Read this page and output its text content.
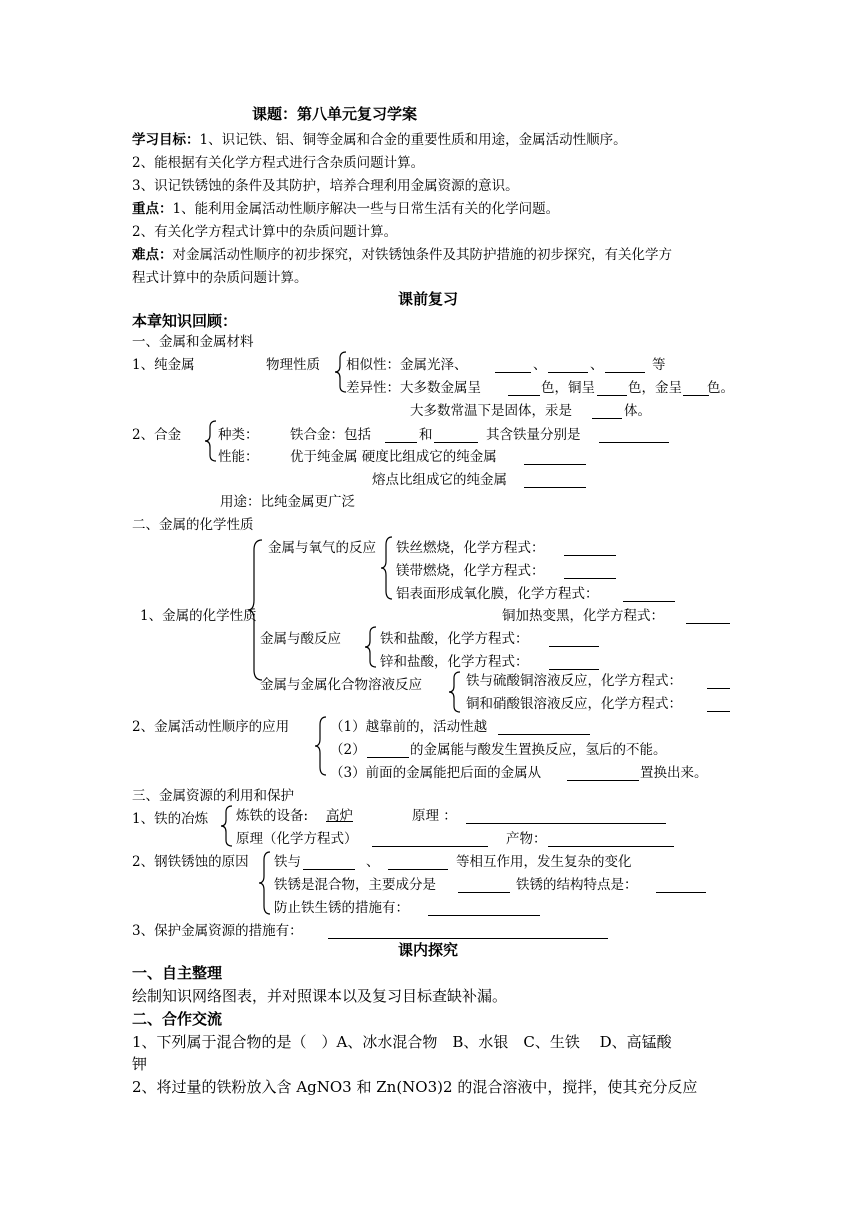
课题：第八单元复习学案
学习目标：1、识记铁、铝、铜等金属和合金的重要性质和用途，金属活动性顺序。
2、能根据有关化学方程式进行含杂质问题计算。
3、识记铁锈蚀的条件及其防护，培养合理利用金属资源的意识。
重点：1、能利用金属活动性顺序解决一些与日常生活有关的化学问题。
2、有关化学方程式计算中的杂质问题计算。
难点：对金属活动性顺序的初步探究，对铁锈蚀条件及其防护措施的初步探究，有关化学方
程式计算中的杂质问题计算。
课前复习
本章知识回顾：
一、金属和金属材料
1、纯金属	物理性质 相似性：金属光泽、	、	、	等
差异性：大多数金属呈	色，铜呈 色，金呈 色。
大多数常温下是固体，汞是	体。
2、合金	种类： 铁合金：包括	和	其含铁量分别是
性能： 优于纯金属 硬度比组成它的纯金属
熔点比组成它的纯金属
用途：比纯金属更广泛
二、金属的化学性质
金属与氧气的反应 铁丝燃烧，化学方程式：
镁带燃烧，化学方程式：
铝表面形成氧化膜，化学方程式：
1、金属的化学性质	铜加热变黑，化学方程式：
金属与酸反应	铁和盐酸，化学方程式：
锌和盐酸，化学方程式：
金属与金属化合物溶液反应	铁与硫酸铜溶液反应，化学方程式：
铜和硝酸银溶液反应，化学方程式：
2、金属活动性顺序的应用	（1）越靠前的，活动性越
（2）	的金属能与酸发生置换反应，氢后的不能。
（3）前面的金属能把后面的金属从	置换出来。
三、金属资源的利用和保护
1、铁的冶炼 炼铁的设备: 高炉	原理 ：
原理（化学方程式）	产物：
2、钢铁锈蚀的原因 铁与	、	等相互作用，发生复杂的变化
铁锈是混合物，主要成分是	铁锈的结构特点是：
防止铁生锈的措施有：
3、保护金属资源的措施有：
课内探究
一、自主整理
绘制知识网络图表，并对照课本以及复习目标查缺补漏。
二、合作交流
1、下列属于混合物的是（　）A、冰水混合物　B、水银　C、生铁　 D、高锰酸
钾
2、将过量的铁粉放入含 AgNO3 和 Zn(NO3)2 的混合溶液中，搅拌，使其充分反应
